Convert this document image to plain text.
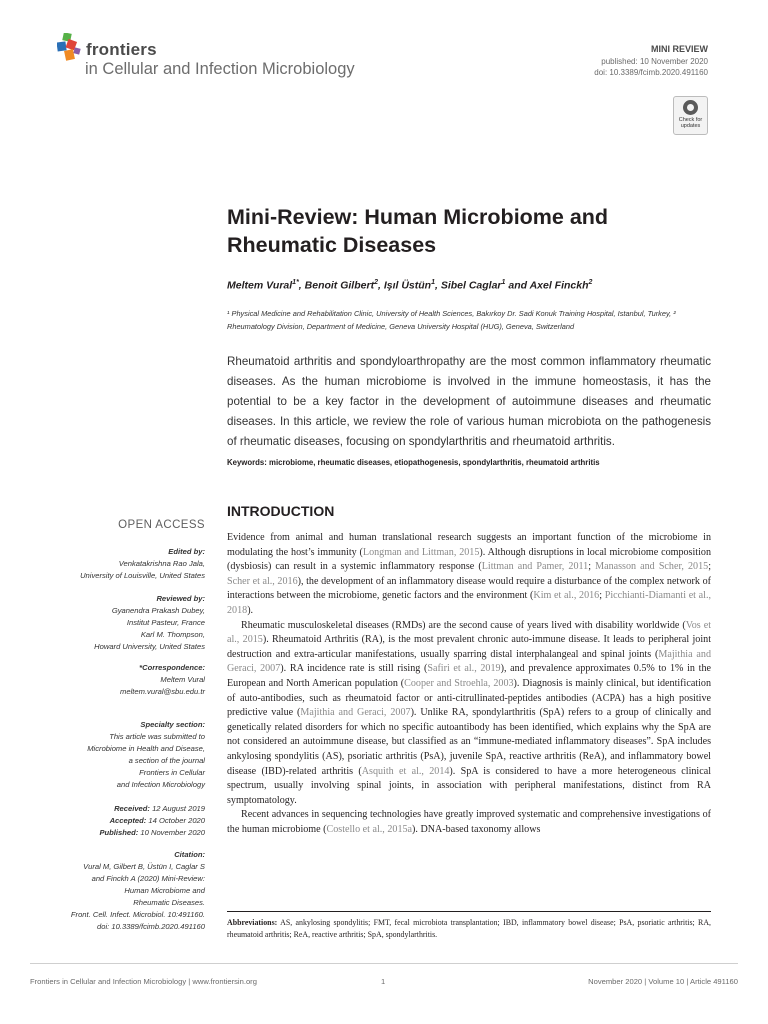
frontiers
in Cellular and Infection Microbiology
MINI REVIEW
published: 10 November 2020
doi: 10.3389/fcimb.2020.491160
Check for updates
Mini-Review: Human Microbiome and Rheumatic Diseases
Meltem Vural$^{1*}$, Benoit Gilbert$^2$, Işıl Üstün$^1$, Sibel Caglar$^1$ and Axel Finckh$^2$
¹ Physical Medicine and Rehabilitation Clinic, University of Health Sciences, Bakırkoy Dr. Sadi Konuk Training Hospital, Istanbul, Turkey, ² Rheumatology Division, Department of Medicine, Geneva University Hospital (HUG), Geneva, Switzerland
Rheumatoid arthritis and spondyloarthropathy are the most common inflammatory rheumatic diseases. As the human microbiome is involved in the immune homeostasis, it has the potential to be a key factor in the development of autoimmune diseases and rheumatic diseases. In this article, we review the role of various human microbiota on the pathogenesis of rheumatic diseases, focusing on spondylarthritis and rheumatoid arthritis.
Keywords: microbiome, rheumatic diseases, etiopathogenesis, spondylarthritis, rheumatoid arthritis
OPEN ACCESS
Edited by:
Venkatakrishna Rao Jala,
University of Louisville, United States
Reviewed by:
Gyanendra Prakash Dubey,
Institut Pasteur, France
Karl M. Thompson,
Howard University, United States
*Correspondence:
Meltem Vural
meltem.vural@sbu.edu.tr
Specialty section:
This article was submitted to
Microbiome in Health and Disease,
a section of the journal
Frontiers in Cellular
and Infection Microbiology
Received: 12 August 2019
Accepted: 14 October 2020
Published: 10 November 2020
Citation:
Vural M, Gilbert B, Üstün I, Caglar S
and Finckh A (2020) Mini-Review:
Human Microbiome and
Rheumatic Diseases.
Front. Cell. Infect. Microbiol. 10:491160.
doi: 10.3389/fcimb.2020.491160
INTRODUCTION

Evidence from animal and human translational research suggests an important function of the microbiome in modulating the host’s immunity (Longman and Littman, 2015). Although disruptions in local microbiome composition (dysbiosis) can result in a systemic inflammatory response (Littman and Pamer, 2011; Manasson and Scher, 2015; Scher et al., 2016), the development of an inflammatory disease would require a disturbance of the complex network of interactions between the microbiome, genetic factors and the environment (Kim et al., 2016; Picchianti-Diamanti et al., 2018).

Rheumatic musculoskeletal diseases (RMDs) are the second cause of years lived with disability worldwide (Vos et al., 2015). Rheumatoid Arthritis (RA), is the most prevalent chronic auto-immune disease. It leads to peripheral joint destruction and extra-articular manifestations, usually sparring distal interphalangeal and spinal joints (Majithia and Geraci, 2007). RA incidence rate is still rising (Safiri et al., 2019), and prevalence approximates 0.5% to 1% in the European and North American population (Cooper and Stroehla, 2003). Diagnosis is mainly clinical, but identification of auto-antibodies, such as rheumatoid factor or anti-citrullinated-peptides antibodies (ACPA) has a high positive predictive value (Majithia and Geraci, 2007). Unlike RA, spondylarthritis (SpA) refers to a group of clinically and genetically related disorders for which no specific autoantibody has been identified, which explains why the SpA are not considered an autoimmune disease, but classified as an “immune-mediated inflammatory diseases”. SpA includes ankylosing spondylitis (AS), psoriatic arthritis (PsA), juvenile SpA, reactive arthritis (ReA), and inflammatory bowel disease (IBD)-related arthritis (Asquith et al., 2014). SpA is considered to have a more heterogeneous clinical spectrum, usually involving spinal joints, in association with peripheral manifestations, distinct from RA symptomatology.

Recent advances in sequencing technologies have greatly improved systematic and comprehensive investigations of the human microbiome (Costello et al., 2015a). DNA-based taxonomy allows

Abbreviations: AS, ankylosing spondylitis; FMT, fecal microbiota transplantation; IBD, inflammatory bowel disease; PsA, psoriatic arthritis; RA, rheumatoid arthritis; ReA, reactive arthritis; SpA, spondylarthritis.
Frontiers in Cellular and Infection Microbiology | www.frontiersin.org	1	November 2020 | Volume 10 | Article 491160
